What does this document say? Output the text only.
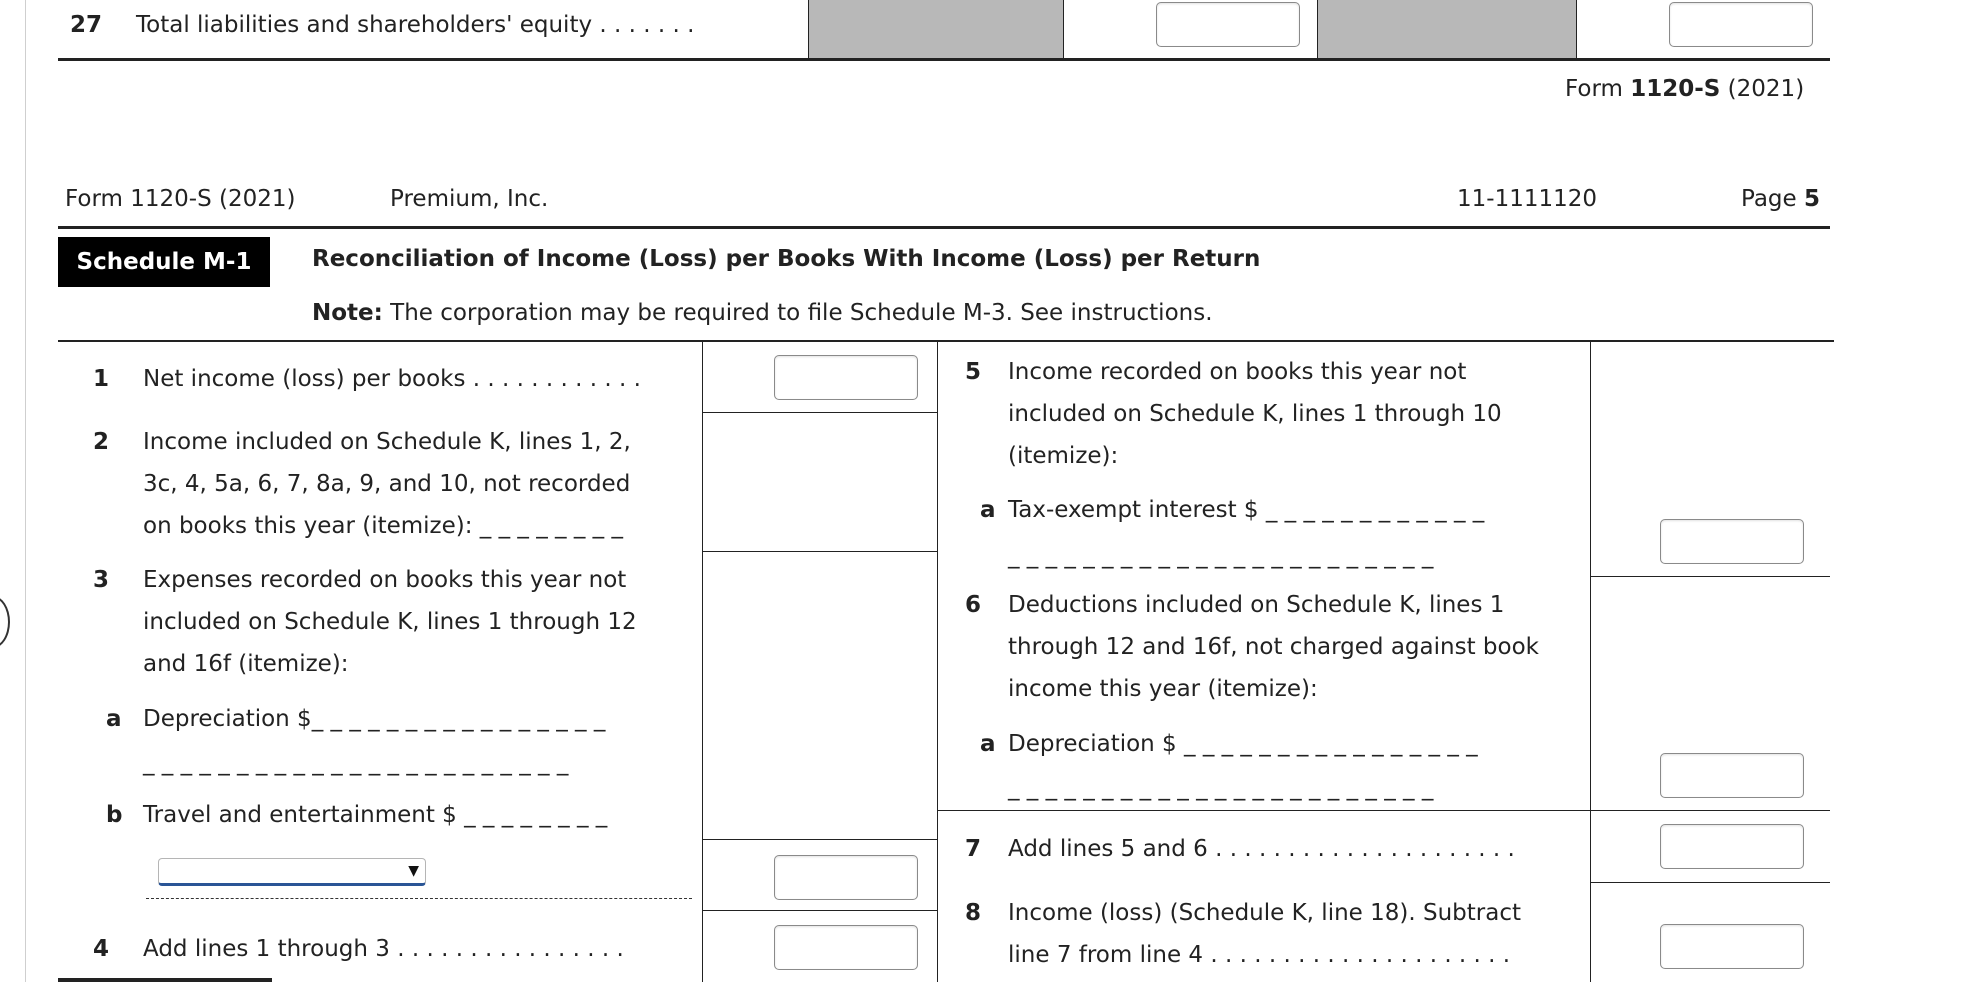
27 Total liabilities and shareholders' equity . . . . . . .
Form 1120-S (2021)
Form 1120-S (2021)	Premium, Inc.	11-1111120	Page 5
Schedule M-1	Reconciliation of Income (Loss) per Books With Income (Loss) per Return
Note: The corporation may be required to file Schedule M-3. See instructions.
1 Net income (loss) per books . . . . . . . . . . . .
2 Income included on Schedule K, lines 1, 2,
3c, 4, 5a, 6, 7, 8a, 9, and 10, not recorded
on books this year (itemize): _ _ _ _ _ _ _ _
3 Expenses recorded on books this year not
included on Schedule K, lines 1 through 12
and 16f (itemize):
a Depreciation $_ _ _ _ _ _ _ _ _ _ _ _ _ _ _ _
_ _ _ _ _ _ _ _ _ _ _ _ _ _ _ _ _ _ _ _ _ _ _
b Travel and entertainment $ _ _ _ _ _ _ _ _
▼
4 Add lines 1 through 3 . . . . . . . . . . . . . . . .
5 Income recorded on books this year not
included on Schedule K, lines 1 through 10
(itemize):
a Tax-exempt interest $ _ _ _ _ _ _ _ _ _ _ _ _
_ _ _ _ _ _ _ _ _ _ _ _ _ _ _ _ _ _ _ _ _ _ _
6 Deductions included on Schedule K, lines 1
through 12 and 16f, not charged against book
income this year (itemize):
a Depreciation $ _ _ _ _ _ _ _ _ _ _ _ _ _ _ _ _
_ _ _ _ _ _ _ _ _ _ _ _ _ _ _ _ _ _ _ _ _ _ _
7 Add lines 5 and 6 . . . . . . . . . . . . . . . . . . . . .
8 Income (loss) (Schedule K, line 18). Subtract
line 7 from line 4 . . . . . . . . . . . . . . . . . . . . .
